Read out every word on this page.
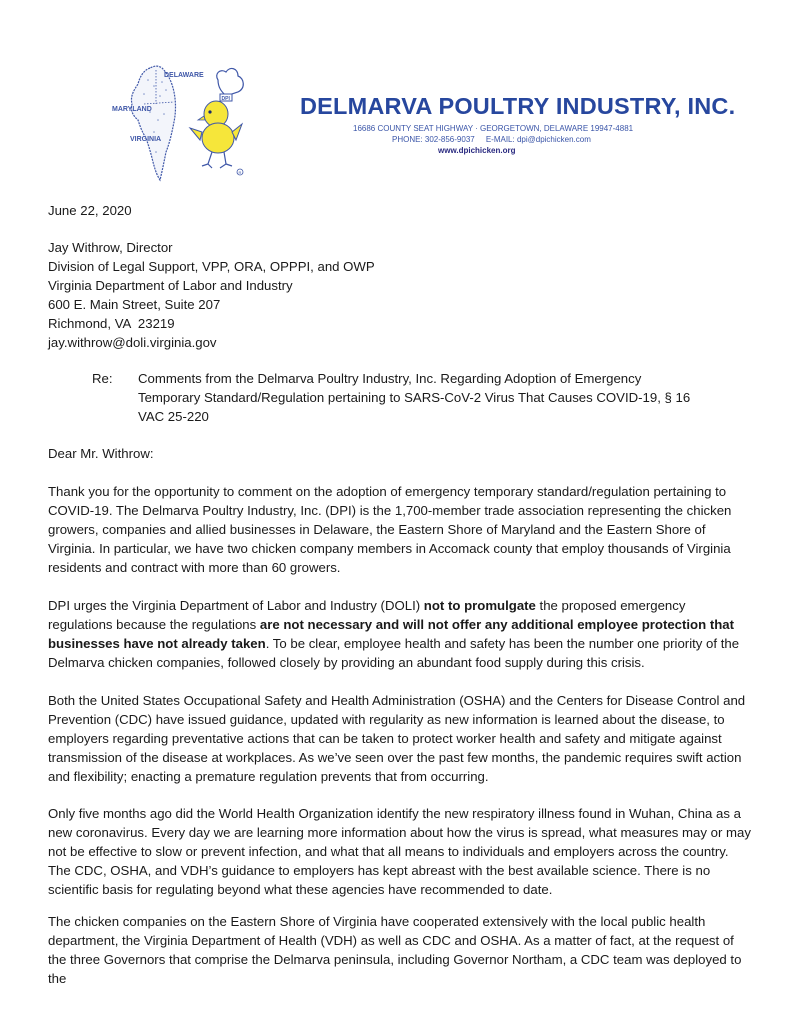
DELAWARE
MARYLAND
VIRGINIA
DPI
R
DELMARVA POULTRY INDUSTRY, INC.
16686 COUNTY SEAT HIGHWAY · GEORGETOWN, DELAWARE 19947-4881
PHONE: 302-856-9037     E-MAIL: dpi@dpichicken.com
www.dpichicken.org
June 22, 2020
Jay Withrow, Director
Division of Legal Support, VPP, ORA, OPPPI, and OWP
Virginia Department of Labor and Industry
600 E. Main Street, Suite 207
Richmond, VA  23219
jay.withrow@doli.virginia.gov
Re: Comments from the Delmarva Poultry Industry, Inc. Regarding Adoption of Emergency Temporary Standard/Regulation pertaining to SARS-CoV-2 Virus That Causes COVID-19, § 16 VAC 25-220
Dear Mr. Withrow:
Thank you for the opportunity to comment on the adoption of emergency temporary standard/regulation pertaining to COVID-19. The Delmarva Poultry Industry, Inc. (DPI) is the 1,700-member trade association representing the chicken growers, companies and allied businesses in Delaware, the Eastern Shore of Maryland and the Eastern Shore of Virginia. In particular, we have two chicken company members in Accomack county that employ thousands of Virginia residents and contract with more than 60 growers.
DPI urges the Virginia Department of Labor and Industry (DOLI) not to promulgate the proposed emergency regulations because the regulations are not necessary and will not offer any additional employee protection that businesses have not already taken. To be clear, employee health and safety has been the number one priority of the Delmarva chicken companies, followed closely by providing an abundant food supply during this crisis.
Both the United States Occupational Safety and Health Administration (OSHA) and the Centers for Disease Control and Prevention (CDC) have issued guidance, updated with regularity as new information is learned about the disease, to employers regarding preventative actions that can be taken to protect worker health and safety and mitigate against transmission of the disease at workplaces. As we’ve seen over the past few months, the pandemic requires swift action and flexibility; enacting a premature regulation prevents that from occurring.
Only five months ago did the World Health Organization identify the new respiratory illness found in Wuhan, China as a new coronavirus. Every day we are learning more information about how the virus is spread, what measures may or may not be effective to slow or prevent infection, and what that all means to individuals and employers across the country. The CDC, OSHA, and VDH’s guidance to employers has kept abreast with the best available science. There is no scientific basis for regulating beyond what these agencies have recommended to date.
The chicken companies on the Eastern Shore of Virginia have cooperated extensively with the local public health department, the Virginia Department of Health (VDH) as well as CDC and OSHA. As a matter of fact, at the request of the three Governors that comprise the Delmarva peninsula, including Governor Northam, a CDC team was deployed to the
